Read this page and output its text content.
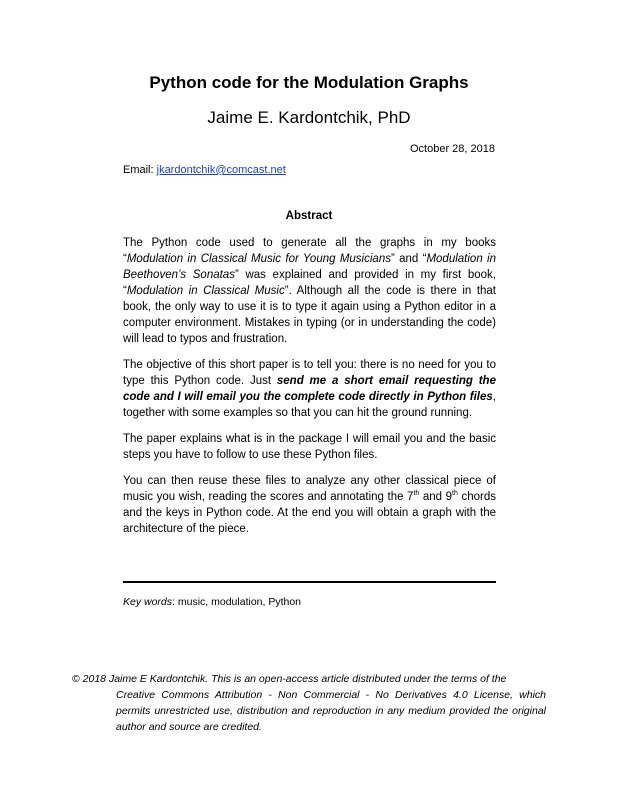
Python code for the Modulation Graphs
Jaime E. Kardontchik, PhD
October 28, 2018
Email: jkardontchik@comcast.net
Abstract

The Python code used to generate all the graphs in my books “Modulation in Classical Music for Young Musicians” and “Modulation in Beethoven’s Sonatas” was explained and provided in my first book, “Modulation in Classical Music”. Although all the code is there in that book, the only way to use it is to type it again using a Python editor in a computer environment. Mistakes in typing (or in understanding the code) will lead to typos and frustration.

The objective of this short paper is to tell you: there is no need for you to type this Python code. Just send me a short email requesting the code and I will email you the complete code directly in Python files, together with some examples so that you can hit the ground running.

The paper explains what is in the package I will email you and the basic steps you have to follow to use these Python files.

You can then reuse these files to analyze any other classical piece of music you wish, reading the scores and annotating the 7th and 9th chords and the keys in Python code. At the end you will obtain a graph with the architecture of the piece.

Key words: music, modulation, Python
© 2018 Jaime E Kardontchik. This is an open-access article distributed under the terms of the
Creative Commons Attribution - Non Commercial - No Derivatives 4.0 License, which permits unrestricted use, distribution and reproduction in any medium provided the original author and source are credited.
